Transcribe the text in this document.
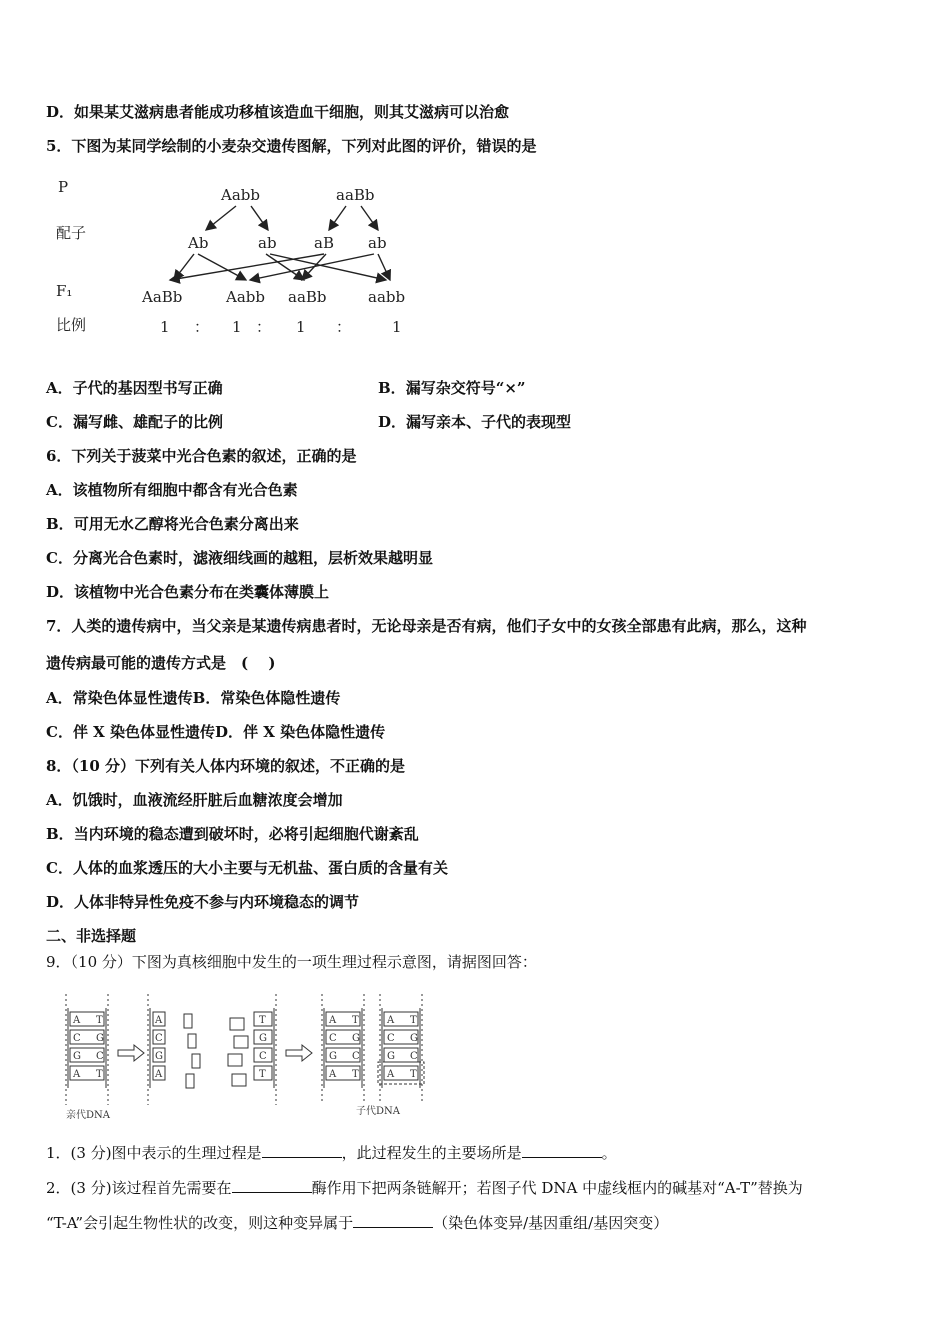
D．如果某艾滋病患者能成功移植该造血干细胞，则其艾滋病可以治愈
5．下图为某同学绘制的小麦杂交遗传图解，下列对此图的评价，错误的是
P
配子
F₁
比例
Aabb	aaBb
Ab	ab aB ab
AaBb	Aabb aaBb	aabb
1 ： 1 ： 1 ：	1
A．子代的基因型书写正确	B．漏写杂交符号“×”
C．漏写雌、雄配子的比例	D．漏写亲本、子代的表现型
6．下列关于菠菜中光合色素的叙述，正确的是
A．该植物所有细胞中都含有光合色素
B．可用无水乙醇将光合色素分离出来
C．分离光合色素时，滤液细线画的越粗，层析效果越明显
D．该植物中光合色素分布在类囊体薄膜上
7．人类的遗传病中，当父亲是某遗传病患者时，无论母亲是否有病，他们子女中的女孩全部患有此病，那么，这种
遗传病最可能的遗传方式是　(　 )
A．常染色体显性遗传B．常染色体隐性遗传
C．伴 X 染色体显性遗传D．伴 X 染色体隐性遗传
8．（10 分）下列有关人体内环境的叙述，不正确的是
A．饥饿时，血液流经肝脏后血糖浓度会增加
B．当内环境的稳态遭到破坏时，必将引起细胞代谢紊乱
C．人体的血浆透压的大小主要与无机盐、蛋白质的含量有关
D．人体非特异性免疫不参与内环境稳态的调节
二、非选择题
9．（10 分）下图为真核细胞中发生的一项生理过程示意图，请据图回答：
A T
C G
G C
A T
A
C
G
A
T
G
C
T
A T
C G
G C
A T
A T
C G
G C
A T
亲代DNA	子代DNA
1．(3 分)图中表示的生理过程是	，此过程发生的主要场所是	。
2．(3 分)该过程首先需要在	酶作用下把两条链解开；若图子代 DNA 中虚线框内的碱基对“A-T”替换为
“T-A”会引起生物性状的改变，则这种变异属于	（染色体变异/基因重组/基因突变）
